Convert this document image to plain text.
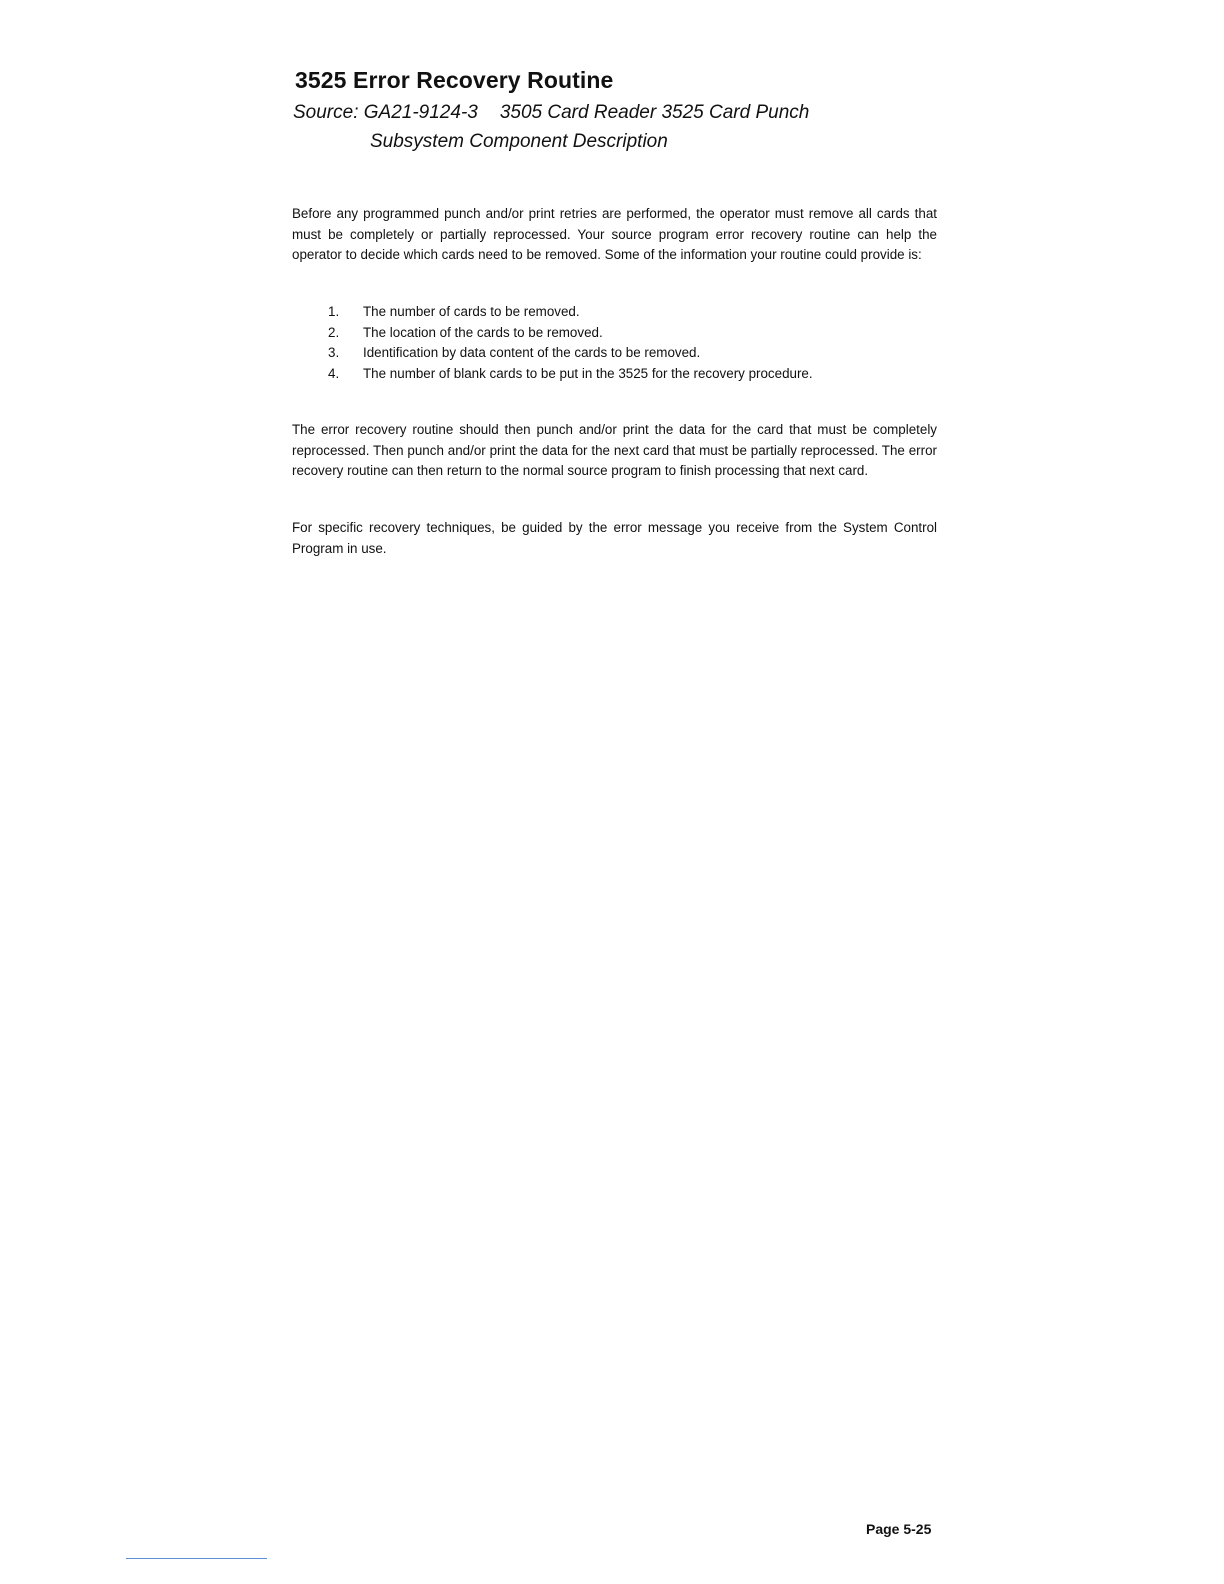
3525 Error Recovery Routine
Source: GA21-9124-3 3505 Card Reader 3525 Card Punch
Subsystem Component Description

Before any programmed punch and/or print retries are performed, the operator must remove all cards that must be completely or partially reprocessed. Your source program error recovery routine can help the operator to decide which cards need to be removed. Some of the information your routine could provide is:

1. The number of cards to be removed.
2. The location of the cards to be removed.
3. Identification by data content of the cards to be removed.
4. The number of blank cards to be put in the 3525 for the recovery procedure.

The error recovery routine should then punch and/or print the data for the card that must be completely reprocessed. Then punch and/or print the data for the next card that must be partially reprocessed. The error recovery routine can then return to the normal source program to finish processing that next card.

For specific recovery techniques, be guided by the error message you receive from the System Control Program in use.

Page 5-25
